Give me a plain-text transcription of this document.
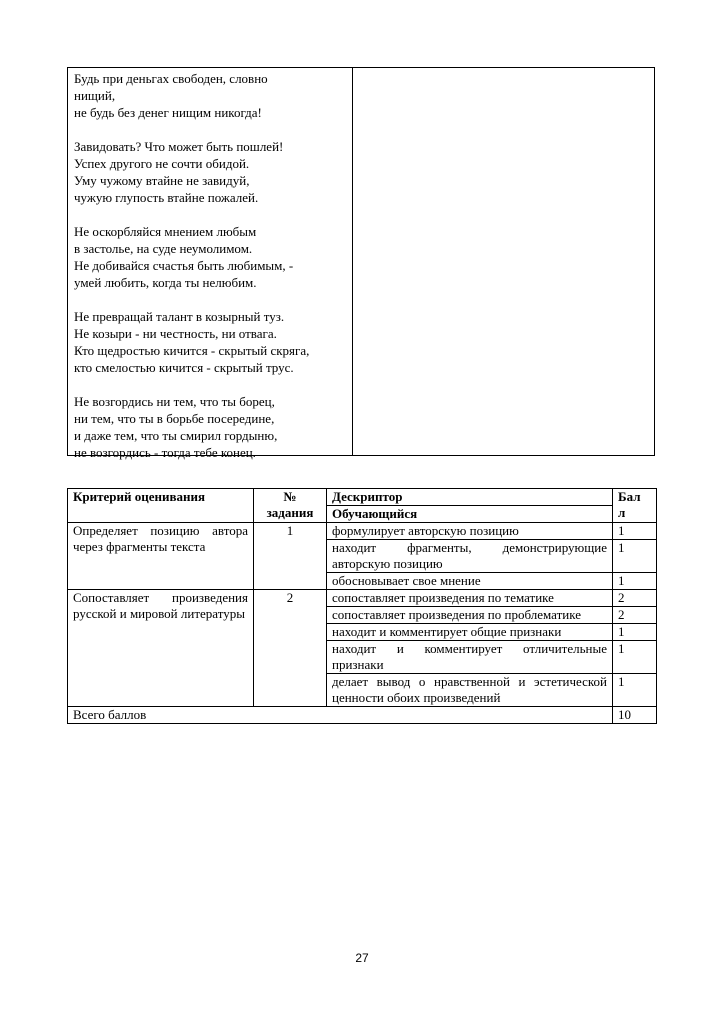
Будь при деньгах свободен, словно
нищий,
не будь без денег нищим никогда!
Завидовать? Что может быть пошлей!
Успех другого не сочти обидой.
Уму чужому втайне не завидуй,
чужую глупость втайне пожалей.
Не оскорбляйся мнением любым
в застолье, на суде неумолимом.
Не добивайся счастья быть любимым, -
умей любить, когда ты нелюбим.
Не превращай талант в козырный туз.
Не козыри - ни честность, ни отвага.
Кто щедростью кичится - скрытый скряга,
кто смелостью кичится - скрытый трус.
Не возгордись ни тем, что ты борец,
ни тем, что ты в борьбе посередине,
и даже тем, что ты смирил гордыню,
не возгордись - тогда тебе конец.
Критерий оценивания	№ задания	Дескриптор	Бал л
		Обучающийся	
Определяет позицию автора через фрагменты текста	1	формулирует авторскую позицию	1
		находит фрагменты, демонстрирующие авторскую позицию	1
		обосновывает свое мнение	1
Сопоставляет произведения русской и мировой литературы	2	сопоставляет произведения по тематике	2
		сопоставляет произведения по проблематике	2
		находит и комментирует общие признаки	1
		находит и комментирует отличительные признаки	1
		делает вывод о нравственной и эстетической ценности обоих произведений	1
Всего баллов			10
27
